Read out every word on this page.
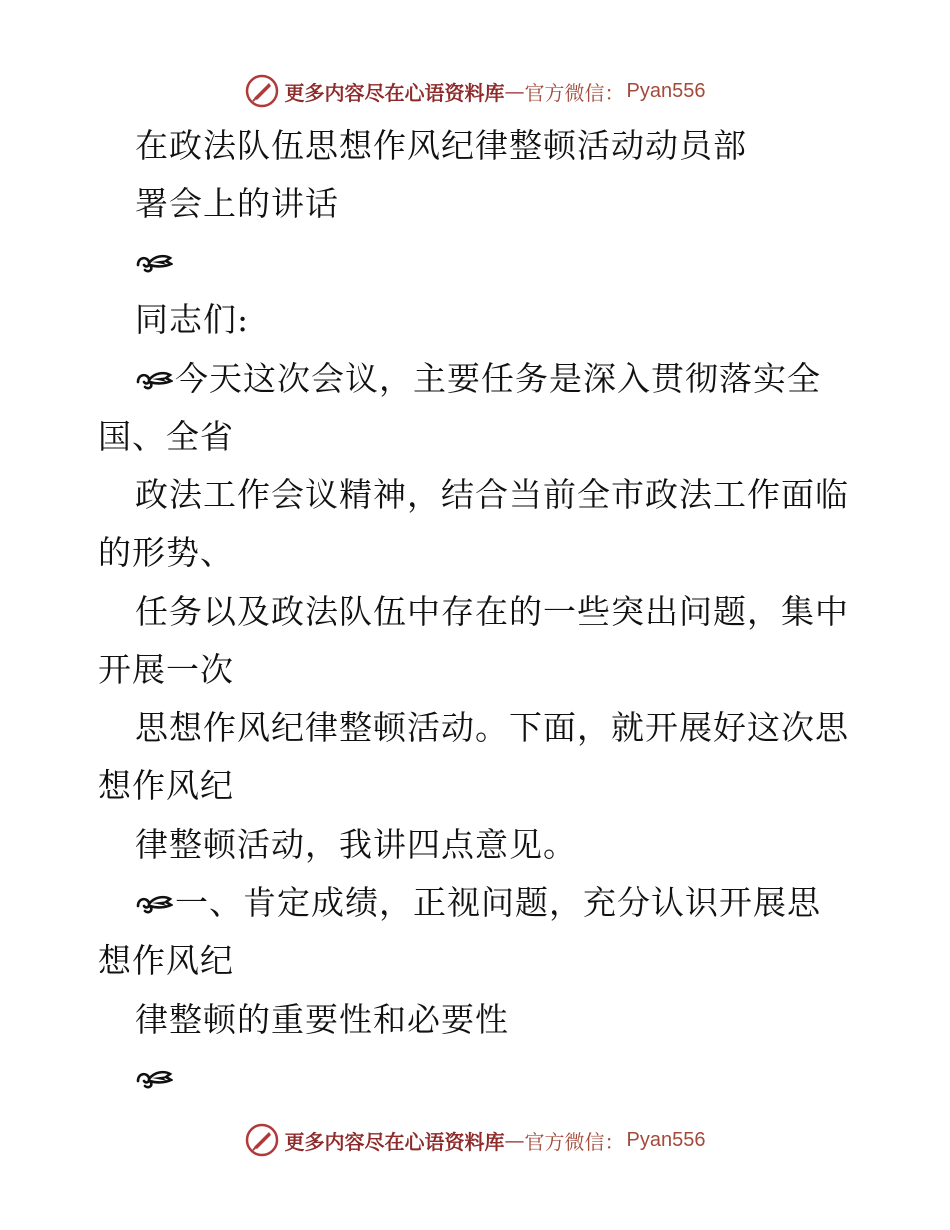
更多内容尽在心语资料库 — 官方微信： Pyan556
在政法队伍思想作风纪律整顿活动动员部
署会上的讲话
同志们:
今天这次会议，主要任务是深入贯彻落实全
国、全省
政法工作会议精神，结合当前全市政法工作面临
的形势、
任务以及政法队伍中存在的一些突出问题，集中
开展一次
思想作风纪律整顿活动。下面，就开展好这次思
想作风纪
律整顿活动，我讲四点意见。
一、肯定成绩，正视问题，充分认识开展思
想作风纪
律整顿的重要性和必要性
更多内容尽在心语资料库 — 官方微信： Pyan556
